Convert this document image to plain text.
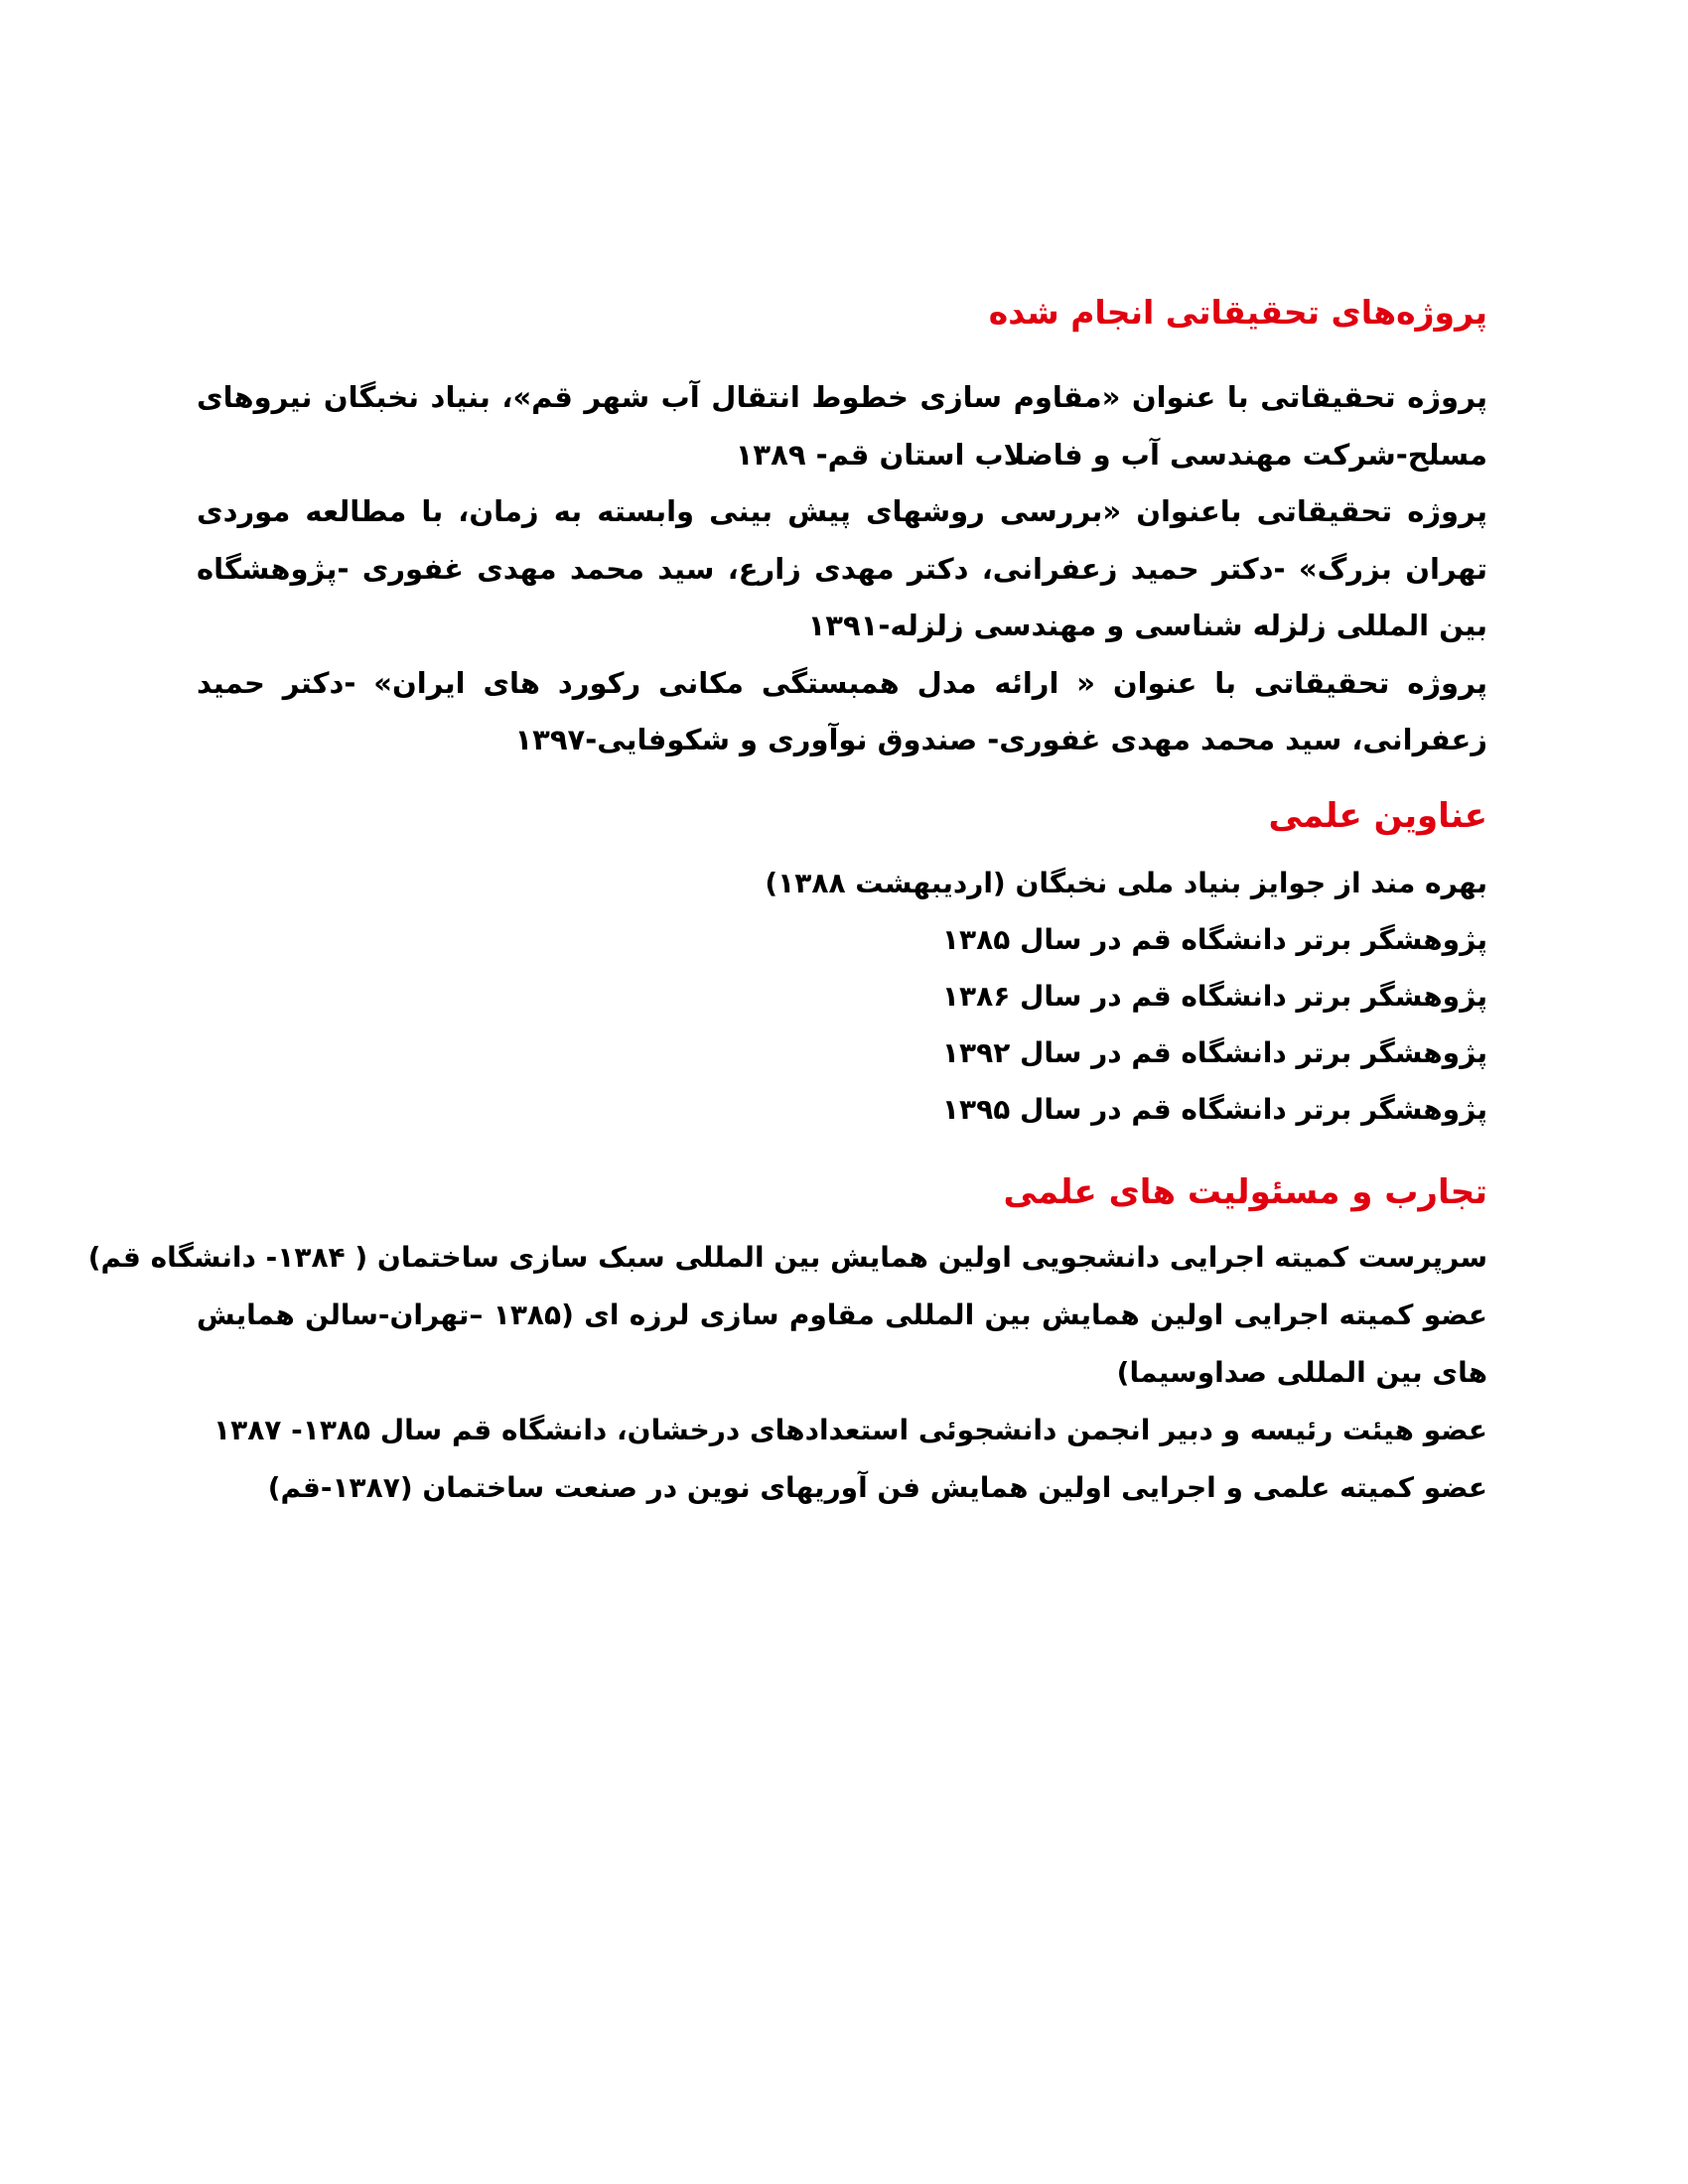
پروژه‌های تحقیقاتی انجام شده

پروژه تحقیقاتی با عنوان «مقاوم سازی خطوط انتقال آب شهر قم»، بنیاد نخبگان نیروهای مسلح-شرکت مهندسی آب و فاضلاب استان قم- ۱۳۸۹

پروژه تحقیقاتی باعنوان «بررسی روشهای پیش بینی وابسته به زمان، با مطالعه موردی تهران بزرگ» -دکتر حمید زعفرانی، دکتر مهدی زارع، سید محمد مهدی غفوری -پژوهشگاه بین المللی زلزله شناسی و مهندسی زلزله-۱۳۹۱

پروژه تحقیقاتی با عنوان « ارائه مدل همبستگی مکانی رکورد های ایران» -دکتر حمید زعفرانی، سید محمد مهدی غفوری- صندوق نوآوری و شکوفایی-۱۳۹۷

عناوین علمی

بهره مند از جوایز بنیاد ملی نخبگان (اردیبهشت ۱۳۸۸)

پژوهشگر برتر دانشگاه قم در سال ۱۳۸۵

پژوهشگر برتر دانشگاه قم در سال ۱۳۸۶

پژوهشگر برتر دانشگاه قم در سال ۱۳۹۲

پژوهشگر برتر دانشگاه قم در سال ۱۳۹۵

تجارب و مسئولیت های علمی

سرپرست کمیته اجرایی دانشجویی اولین همایش بین المللی سبک سازی ساختمان ( ۱۳۸۴- دانشگاه قم)

عضو کمیته اجرایی اولین همایش بین المللی مقاوم سازی لرزه ای (۱۳۸۵ –تهران-سالن همایش های بین المللی صداوسیما)

عضو هیئت رئیسه و دبیر انجمن دانشجوئی استعدادهای درخشان، دانشگاه قم سال ۱۳۸۵- ۱۳۸۷

عضو کمیته علمی و اجرایی اولین همایش فن آوریهای نوین در صنعت ساختمان (۱۳۸۷-قم)
